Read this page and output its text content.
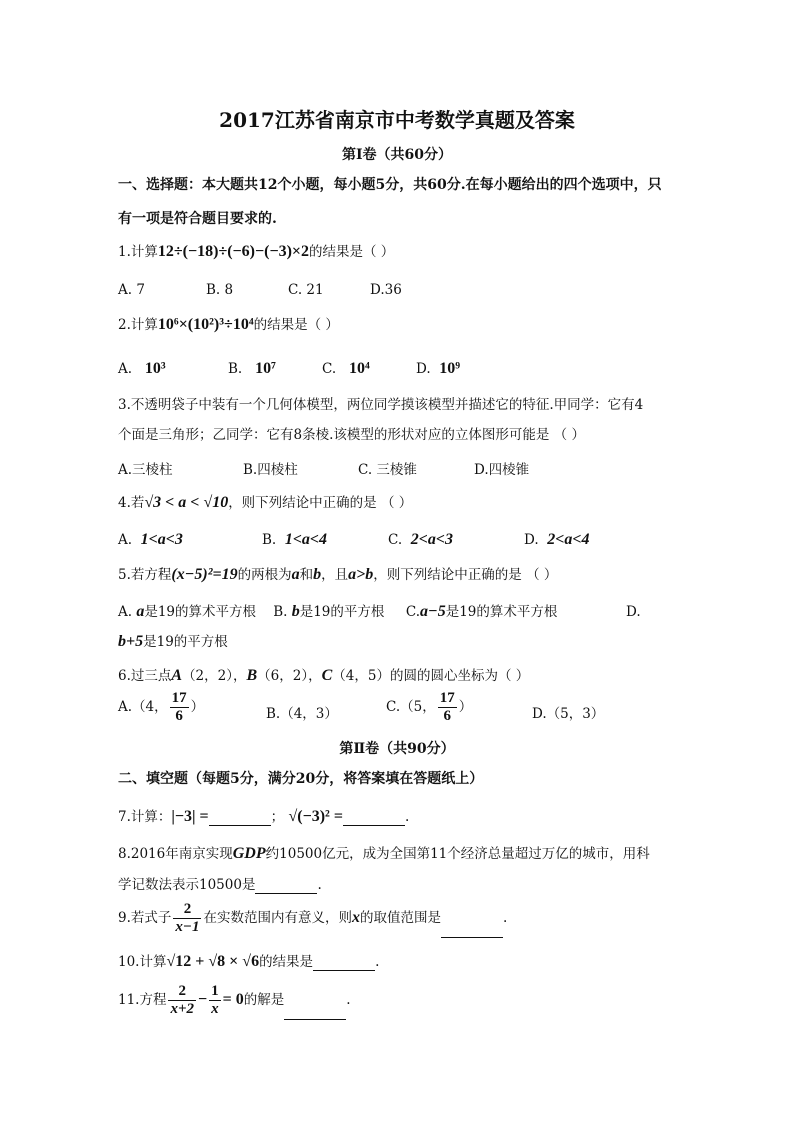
2017江苏省南京市中考数学真题及答案
第Ⅰ卷（共60分）
一、选择题：本大题共12个小题，每小题5分，共60分.在每小题给出的四个选项中，只
有一项是符合题目要求的.
1.计算12÷(−18)÷(−6)−(−3)×2的结果是（ ）
A. 7	B. 8	C. 21	D.36
2.计算10⁶×(10²)³÷10⁴的结果是（ ）
A. 10³	B. 10⁷	C. 10⁴	D. 10⁹
3.不透明袋子中装有一个几何体模型，两位同学摸该模型并描述它的特征.甲同学：它有4
个面是三角形；乙同学：它有8条棱.该模型的形状对应的立体图形可能是 （ ）
A.三棱柱	B.四棱柱	C. 三棱锥	D.四棱锥
4.若√3 < a < √10，则下列结论中正确的是 （ ）
A. 1<a<3	B. 1<a<4	C. 2<a<3	D. 2<a<4
5.若方程(x−5)²=19的两根为a和b，且a>b，则下列结论中正确的是 （ ）
A. a是19的算术平方根 B. b是19的平方根 C.a−5是19的算术平方根	D.
b+5是19的平方根
6.过三点A（2，2），B（6，2），C（4，5）的圆的圆心坐标为（ ）
A.（4， $\frac{17}{6}$ ）	B.（4，3）	C.（5， $\frac{17}{6}$ ）	D.（5，3）
第Ⅱ卷（共90分）
二、填空题（每题5分，满分20分，将答案填在答题纸上）
7.计算：|−3| =	； √(−3)² =	.
8.2016年南京实现GDP约10500亿元，成为全国第11个经济总量超过万亿的城市，用科
学记数法表示10500是	.
9.若式子 $\frac{2}{x-1}$ 在实数范围内有意义，则x的取值范围是	.
10.计算√12 + √8 × √6的结果是	.
11.方程 $\frac{2}{x+2} - \frac{1}{x} = 0$的解是	.
